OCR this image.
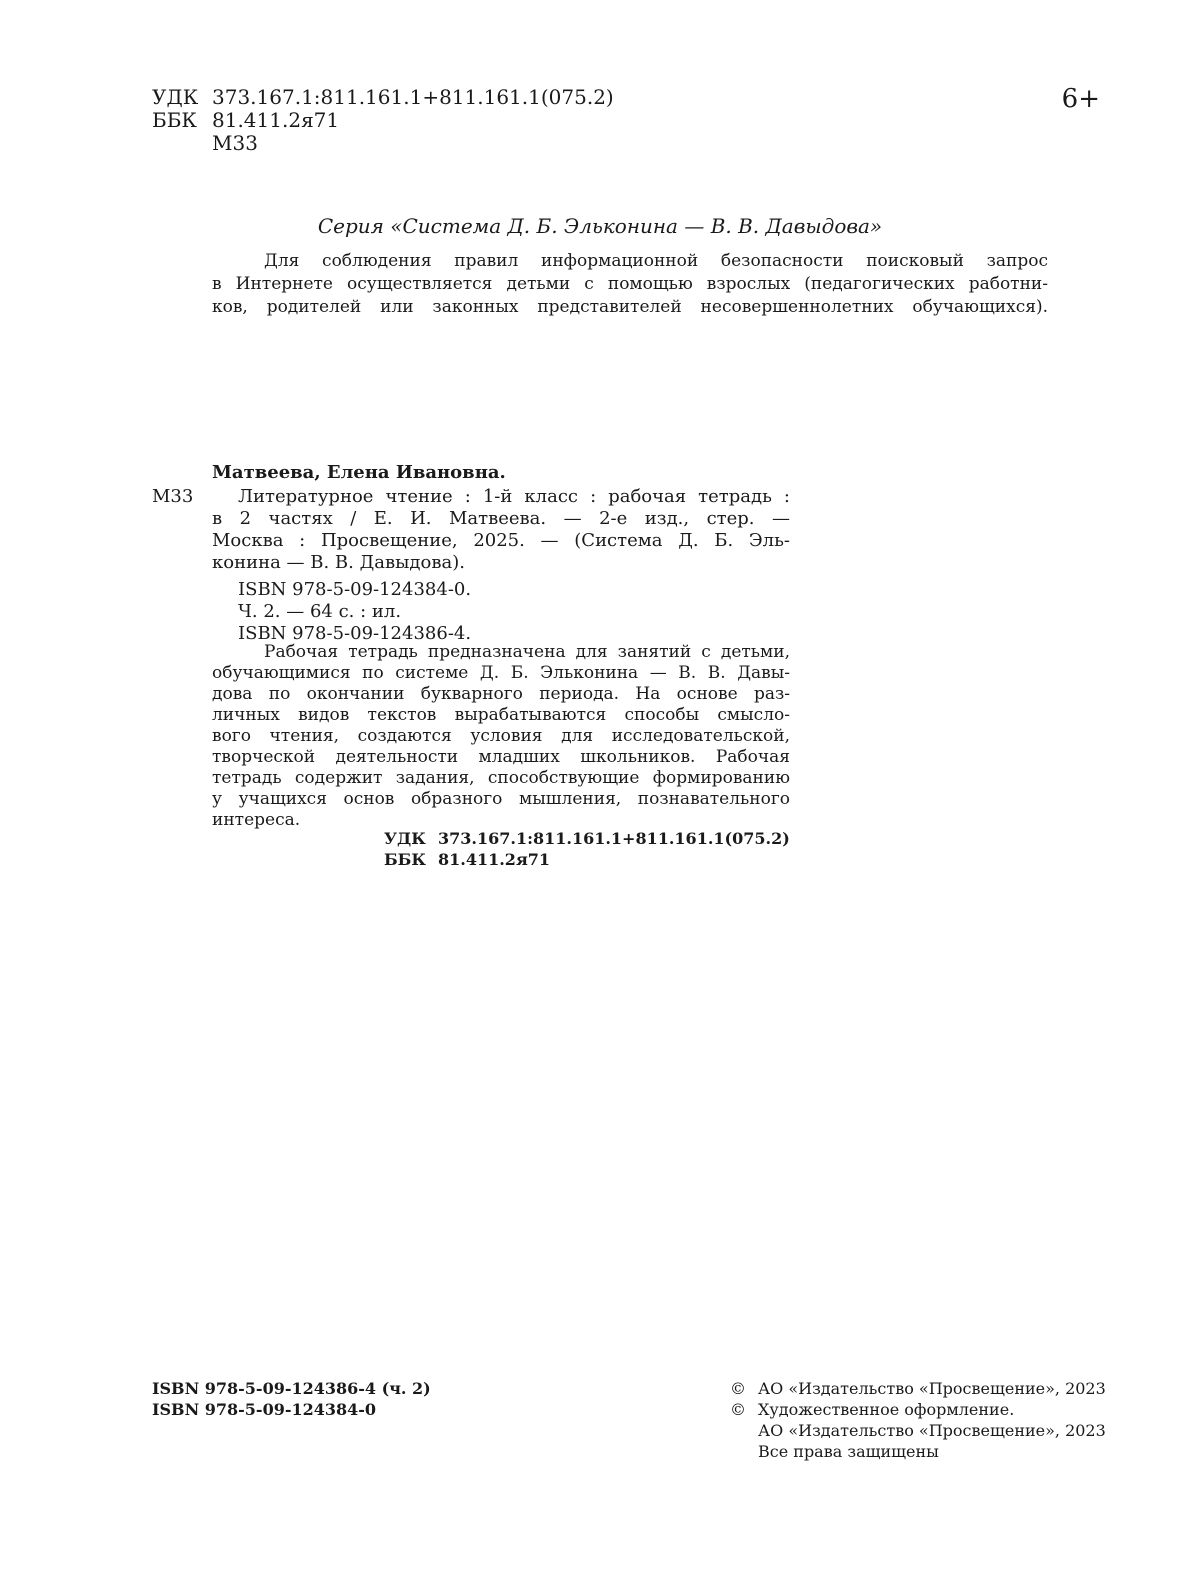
УДК 373.167.1:811.161.1+811.161.1(075.2)
ББК 81.411.2я71
М33
6+
Серия «Система Д. Б. Эльконина — В. В. Давыдова»
Для соблюдения правил информационной безопасности поисковый запрос
в Интернете осуществляется детьми с помощью взрослых (педагогических работни-
ков, родителей или законных представителей несовершеннолетних обучающихся).
Матвеева, Елена Ивановна.
М33	Литературное чтение : 1-й класс : рабочая тетрадь :
в 2 частях / Е. И. Матвеева. — 2-е изд., стер. —
Москва : Просвещение, 2025. — (Система Д. Б. Эль-
конина — В. В. Давыдова).
ISBN 978-5-09-124384-0.
Ч. 2. — 64 с. : ил.
ISBN 978-5-09-124386-4.
Рабочая тетрадь предназначена для занятий с детьми,
обучающимися по системе Д. Б. Эльконина — В. В. Давы-
дова по окончании букварного периода. На основе раз-
личных видов текстов вырабатываются способы смысло-
вого чтения, создаются условия для исследовательской,
творческой деятельности младших школьников. Рабочая
тетрадь содержит задания, способствующие формированию
у учащихся основ образного мышления, познавательного
интереса.
УДК 373.167.1:811.161.1+811.161.1(075.2)
ББК 81.411.2я71
ISBN 978-5-09-124386-4 (ч. 2)
ISBN 978-5-09-124384-0
© АО «Издательство «Просвещение», 2023
© Художественное оформление.
АО «Издательство «Просвещение», 2023
Все права защищены
